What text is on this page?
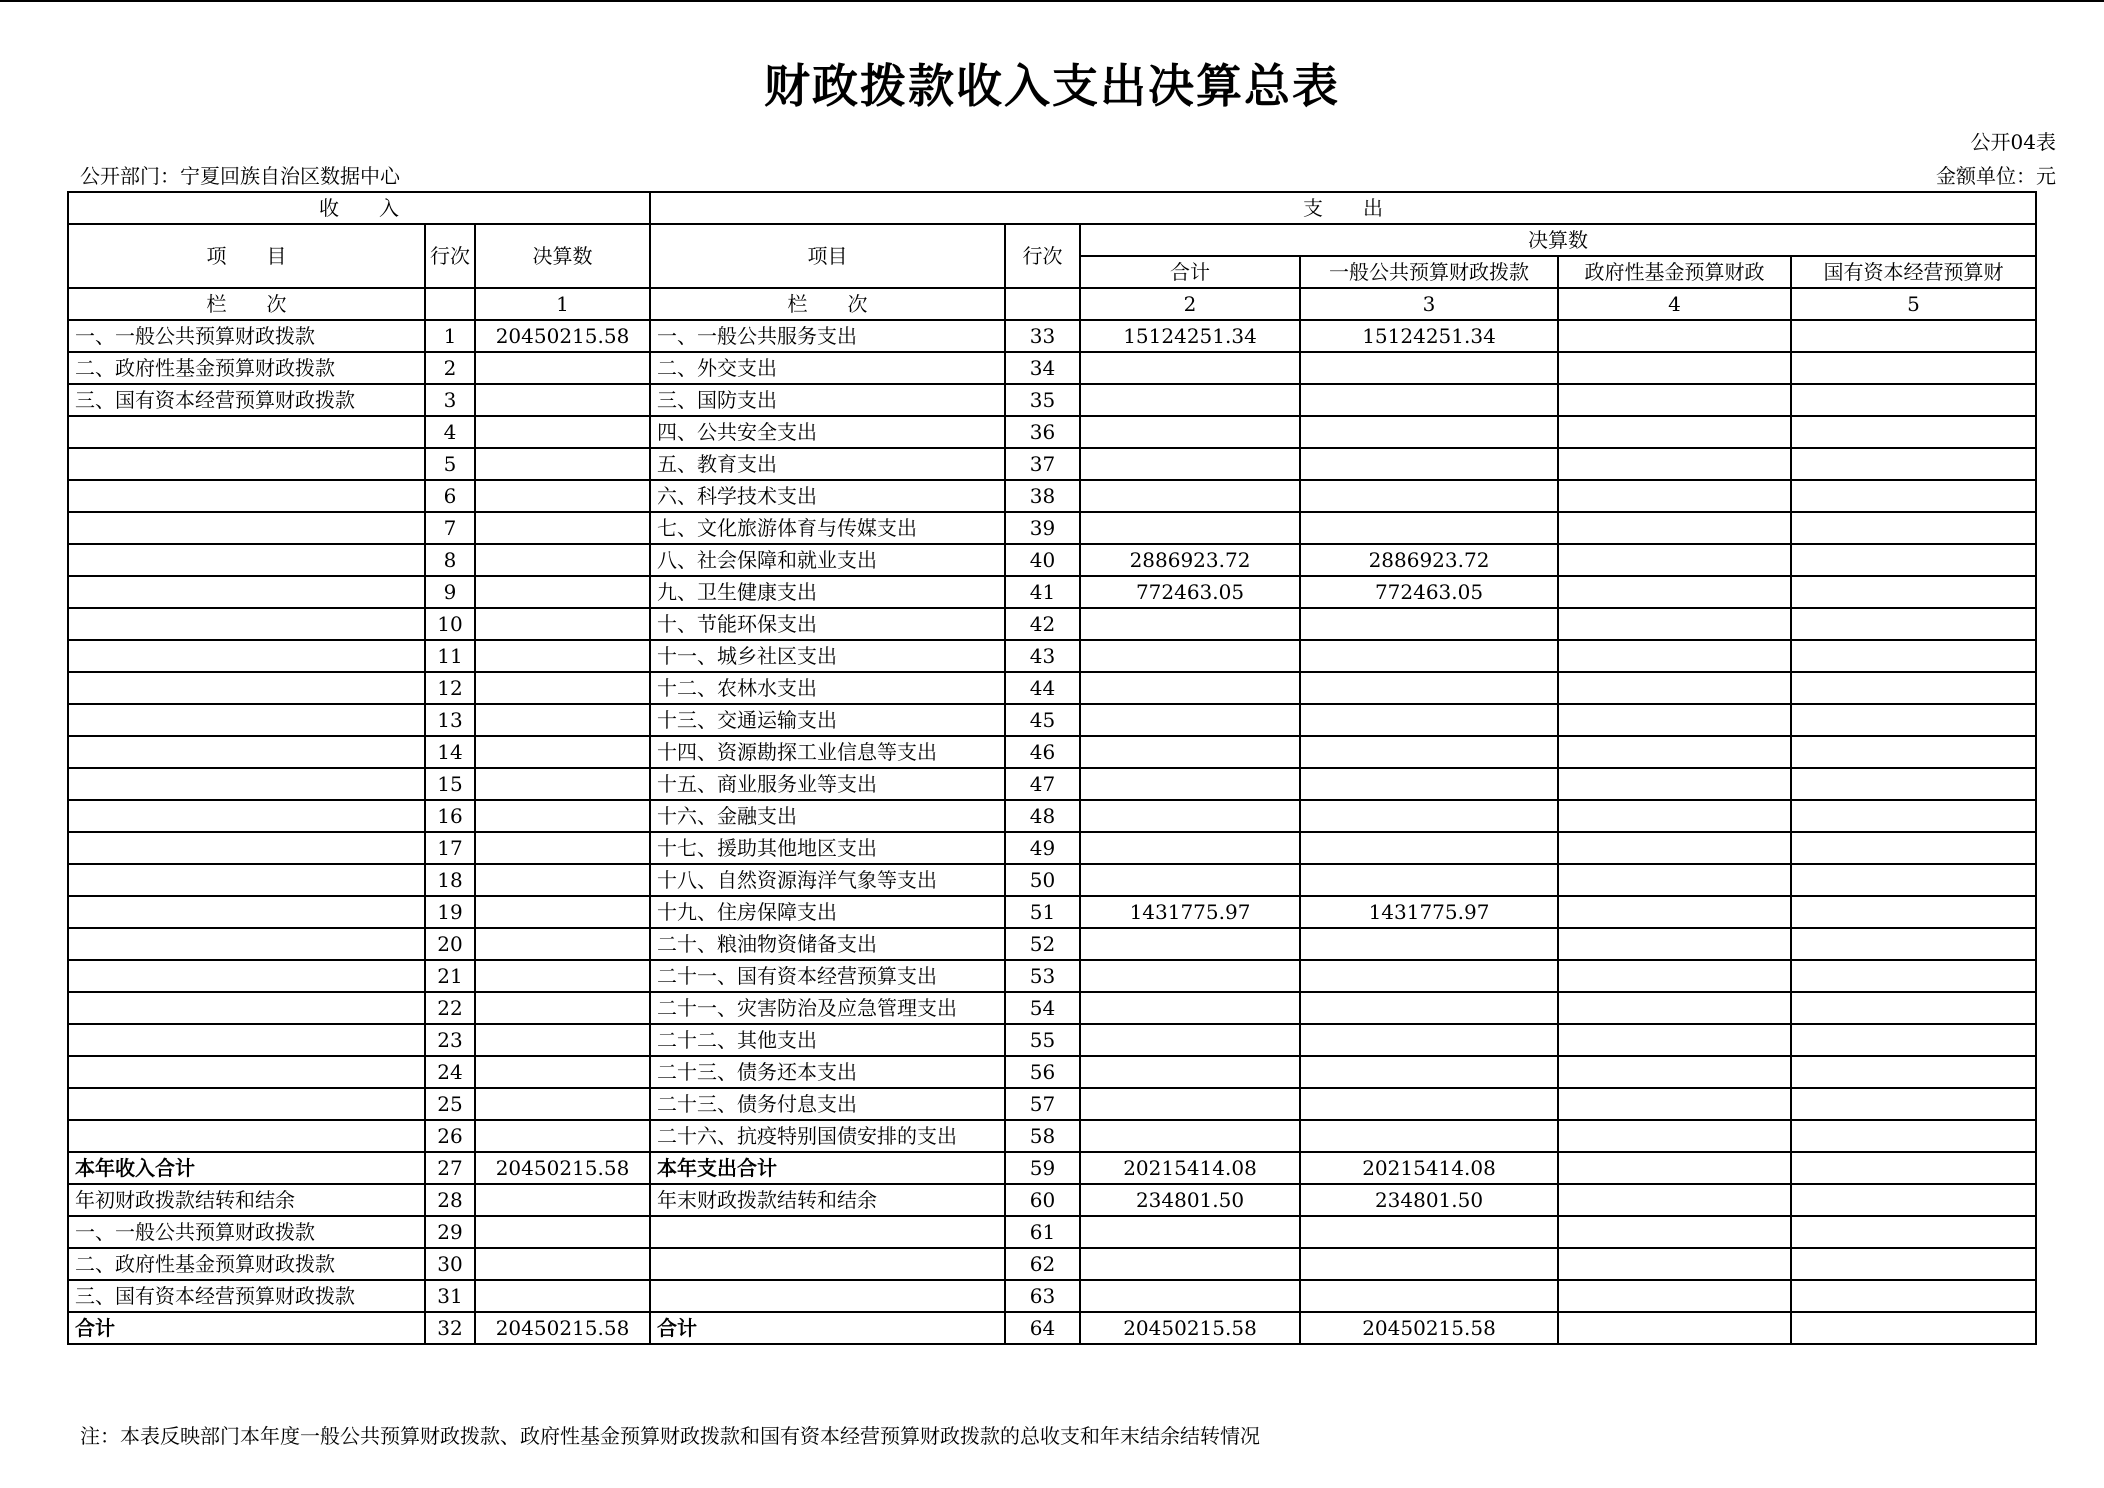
财政拨款收入支出决算总表
公开04表
公开部门：宁夏回族自治区数据中心	金额单位：元
收　　入			支　　出					
项　　目	行次	决算数	项目	行次	决算数			
					合计	一般公共预算财政拨款	政府性基金预算财政	国有资本经营预算财
栏　　次		1	栏　　次		2	3	4	5
一、一般公共预算财政拨款	1	20450215.58	一、一般公共服务支出	33	15124251.34	15124251.34		
二、政府性基金预算财政拨款	2		二、外交支出	34				
三、国有资本经营预算财政拨款	3		三、国防支出	35				
	4		四、公共安全支出	36				
	5		五、教育支出	37				
	6		六、科学技术支出	38				
	7		七、文化旅游体育与传媒支出	39				
	8		八、社会保障和就业支出	40	2886923.72	2886923.72		
	9		九、卫生健康支出	41	772463.05	772463.05		
	10		十、节能环保支出	42				
	11		十一、城乡社区支出	43				
	12		十二、农林水支出	44				
	13		十三、交通运输支出	45				
	14		十四、资源勘探工业信息等支出	46				
	15		十五、商业服务业等支出	47				
	16		十六、金融支出	48				
	17		十七、援助其他地区支出	49				
	18		十八、自然资源海洋气象等支出	50				
	19		十九、住房保障支出	51	1431775.97	1431775.97		
	20		二十、粮油物资储备支出	52				
	21		二十一、国有资本经营预算支出	53				
	22		二十一、灾害防治及应急管理支出	54				
	23		二十二、其他支出	55				
	24		二十三、债务还本支出	56				
	25		二十三、债务付息支出	57				
	26		二十六、抗疫特别国债安排的支出	58				
本年收入合计	27	20450215.58	本年支出合计	59	20215414.08	20215414.08		
年初财政拨款结转和结余	28		年末财政拨款结转和结余	60	234801.50	234801.50		
一、一般公共预算财政拨款	29			61				
二、政府性基金预算财政拨款	30			62				
三、国有资本经营预算财政拨款	31			63				
合计	32	20450215.58	合计	64	20450215.58	20450215.58		
注：本表反映部门本年度一般公共预算财政拨款、政府性基金预算财政拨款和国有资本经营预算财政拨款的总收支和年末结余结转情况
